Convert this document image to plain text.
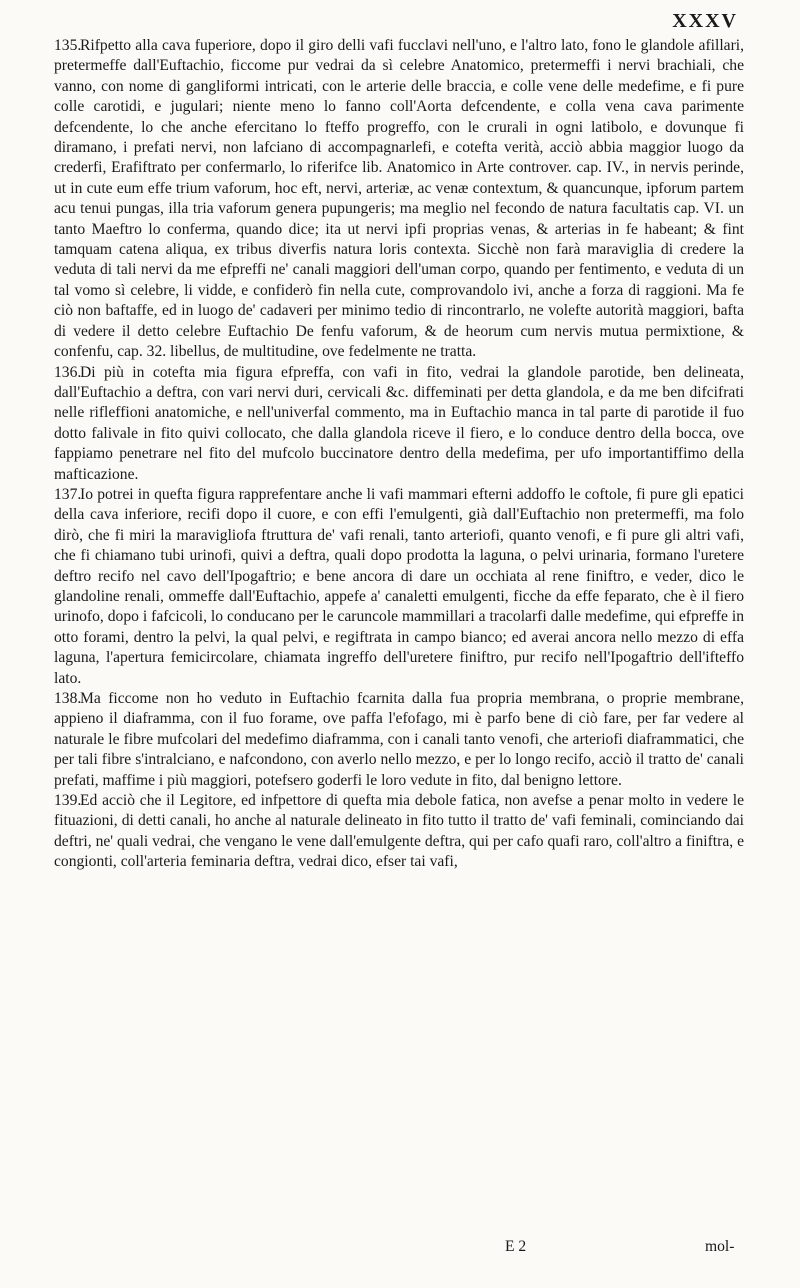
XXXV

135.Rifpetto alla cava fuperiore, dopo il giro delli vafi fucclavi nell'uno, e l'altro lato, fono le glandole afillari, pretermeffe dall'Euftachio, ficcome pur vedrai da sì celebre Anatomico, pretermeffi i nervi brachiali, che vanno, con nome di gangliformi intricati, con le arterie delle braccia, e colle vene delle medefime, e fi pure colle carotidi, e jugulari; niente meno lo fanno coll'Aorta defcendente, e colla vena cava parimente defcendente, lo che anche efercitano lo fteffo progreffo, con le crurali in ogni latibolo, e dovunque fi diramano, i prefati nervi, non lafciano di accompagnarlefi, e cotefta verità, acciò abbia maggior luogo da crederfi, Erafiftrato per confermarlo, lo riferifce lib. Anatomico in Arte controver. cap. IV., in nervis perinde, ut in cute eum effe trium vaforum, hoc eft, nervi, arteriæ, ac venæ contextum, & quancunque, ipforum partem acu tenui pungas, illa tria vaforum genera pupungeris; ma meglio nel fecondo de natura facultatis cap. VI. un tanto Maeftro lo conferma, quando dice; ita ut nervi ipfi proprias venas, & arterias in fe habeant; & fint tamquam catena aliqua, ex tribus diverfis natura loris contexta. Sicchè non farà maraviglia di credere la veduta di tali nervi da me efpreffi ne' canali maggiori dell'uman corpo, quando per fentimento, e veduta di un tal vomo sì celebre, li vidde, e confiderò fin nella cute, comprovandolo ivi, anche a forza di raggioni. Ma fe ciò non baftaffe, ed in luogo de' cadaveri per minimo tedio di rincontrarlo, ne volefte autorità maggiori, bafta di vedere il detto celebre Euftachio De fenfu vaforum, & de heorum cum nervis mutua permixtione, & confenfu, cap. 32. libellus, de multitudine, ove fedelmente ne tratta.

136.Di più in cotefta mia figura efpreffa, con vafi in fito, vedrai la glandole parotide, ben delineata, dall'Euftachio a deftra, con vari nervi duri, cervicali &c. diffeminati per detta glandola, e da me ben difcifrati nelle rifleffioni anatomiche, e nell'univerfal commento, ma in Euftachio manca in tal parte di parotide il fuo dotto falivale in fito quivi collocato, che dalla glandola riceve il fiero, e lo conduce dentro della bocca, ove fappiamo penetrare nel fito del mufcolo buccinatore dentro della medefima, per ufo importantiffimo della mafticazione.

137.Io potrei in quefta figura rapprefentare anche li vafi mammari efterni addoffo le coftole, fi pure gli epatici della cava inferiore, recifi dopo il cuore, e con effi l'emulgenti, già dall'Euftachio non pretermeffi, ma folo dirò, che fi miri la maravigliofa ftruttura de' vafi renali, tanto arteriofi, quanto venofi, e fi pure gli altri vafi, che fi chiamano tubi urinofi, quivi a deftra, quali dopo prodotta la laguna, o pelvi urinaria, formano l'uretere deftro recifo nel cavo dell'Ipogaftrio; e bene ancora di dare un occhiata al rene finiftro, e veder, dico le glandoline renali, ommeffe dall'Euftachio, appefe a' canaletti emulgenti, ficche da effe feparato, che è il fiero urinofo, dopo i fafcicoli, lo conducano per le caruncole mammillari a tracolarfi dalle medefime, qui efpreffe in otto forami, dentro la pelvi, la qual pelvi, e regiftrata in campo bianco; ed averai ancora nello mezzo di effa laguna, l'apertura femicircolare, chiamata ingreffo dell'uretere finiftro, pur recifo nell'Ipogaftrio dell'ifteffo lato.

138.Ma ficcome non ho veduto in Euftachio fcarnita dalla fua propria membrana, o proprie membrane, appieno il diaframma, con il fuo forame, ove paffa l'efofago, mi è parfo bene di ciò fare, per far vedere al naturale le fibre mufcolari del medefimo diaframma, con i canali tanto venofi, che arteriofi diaframmatici, che per tali fibre s'intralciano, e nafcondono, con averlo nello mezzo, e per lo longo recifo, acciò il tratto de' canali prefati, maffime i più maggiori, potefsero goderfi le loro vedute in fito, dal benigno lettore.

139.Ed acciò che il Legitore, ed infpettore di quefta mia debole fatica, non avefse a penar molto in vedere le fituazioni, di detti canali, ho anche al naturale delineato in fito tutto il tratto de' vafi feminali, cominciando dai deftri, ne' quali vedrai, che vengano le vene dall'emulgente deftra, qui per cafo quafi raro, coll'altro a finiftra, e congionti, coll'arteria feminaria deftra, vedrai dico, efser tai vafi,

E 2	mol-
